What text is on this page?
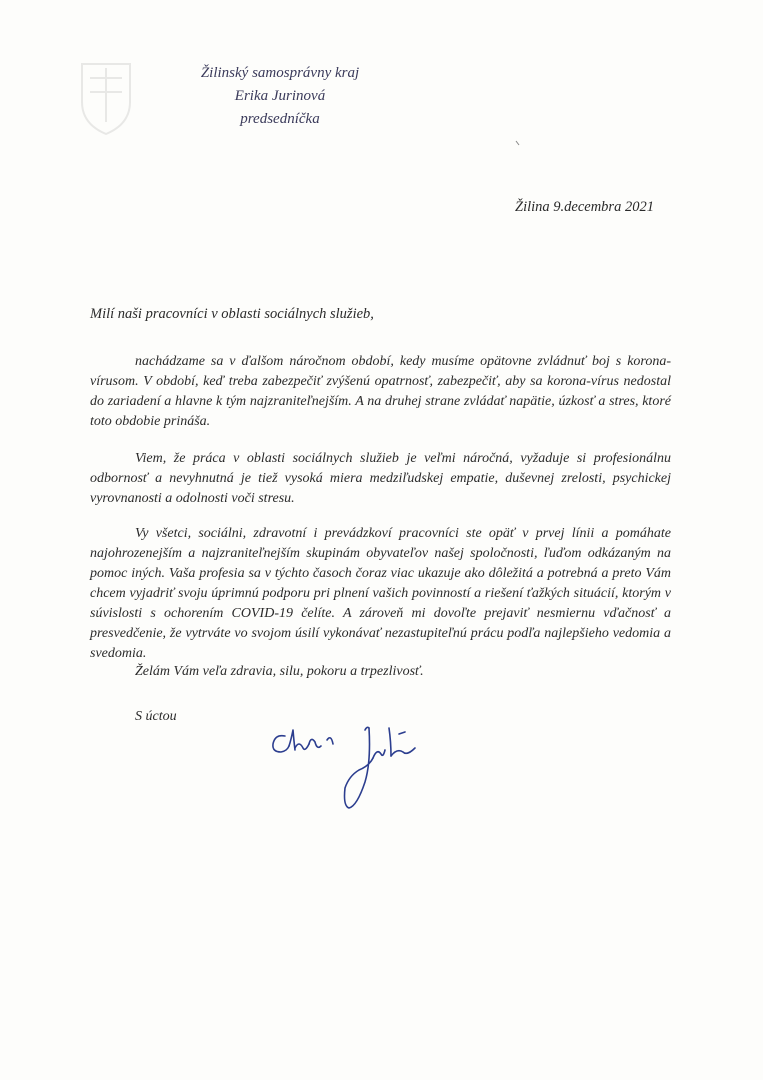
Žilinský samosprávny kraj
Erika Jurinová
predsedníčka
Žilina 9.decembra 2021
Milí naši pracovníci v oblasti sociálnych služieb,

nachádzame sa v ďalšom náročnom období, kedy musíme opätovne zvládnuť boj s korona-vírusom. V období, keď treba zabezpečiť zvýšenú opatrnosť, zabezpečiť, aby sa korona-vírus nedostal do zariadení a hlavne k tým najzraniteľnejším. A na druhej strane zvládať napätie, úzkosť a stres, ktoré toto obdobie prináša.

Viem, že práca v oblasti sociálnych služieb je veľmi náročná, vyžaduje si profesionálnu odbornosť a nevyhnutná je tiež vysoká miera medziľudskej empatie, duševnej zrelosti, psychickej vyrovnanosti a odolnosti voči stresu.

Vy všetci, sociálni, zdravotní i prevádzkoví pracovníci ste opäť v prvej línii a pomáhate najohrozenejším a najzraniteľnejším skupinám obyvateľov našej spoločnosti, ľuďom odkázaným na pomoc iných. Vaša profesia sa v týchto časoch čoraz viac ukazuje ako dôležitá a potrebná a preto Vám chcem vyjadriť svoju úprimnú podporu pri plnení vašich povinností a riešení ťažkých situácií, ktorým v súvislosti s ochorením COVID-19 čelíte. A zároveň mi dovoľte prejaviť nesmiernu vďačnosť a presvedčenie, že vytrváte vo svojom úsilí vykonávať nezastupiteľnú prácu podľa najlepšieho vedomia a svedomia.

Želám Vám veľa zdravia, silu, pokoru a trpezlivosť.
S úctou
